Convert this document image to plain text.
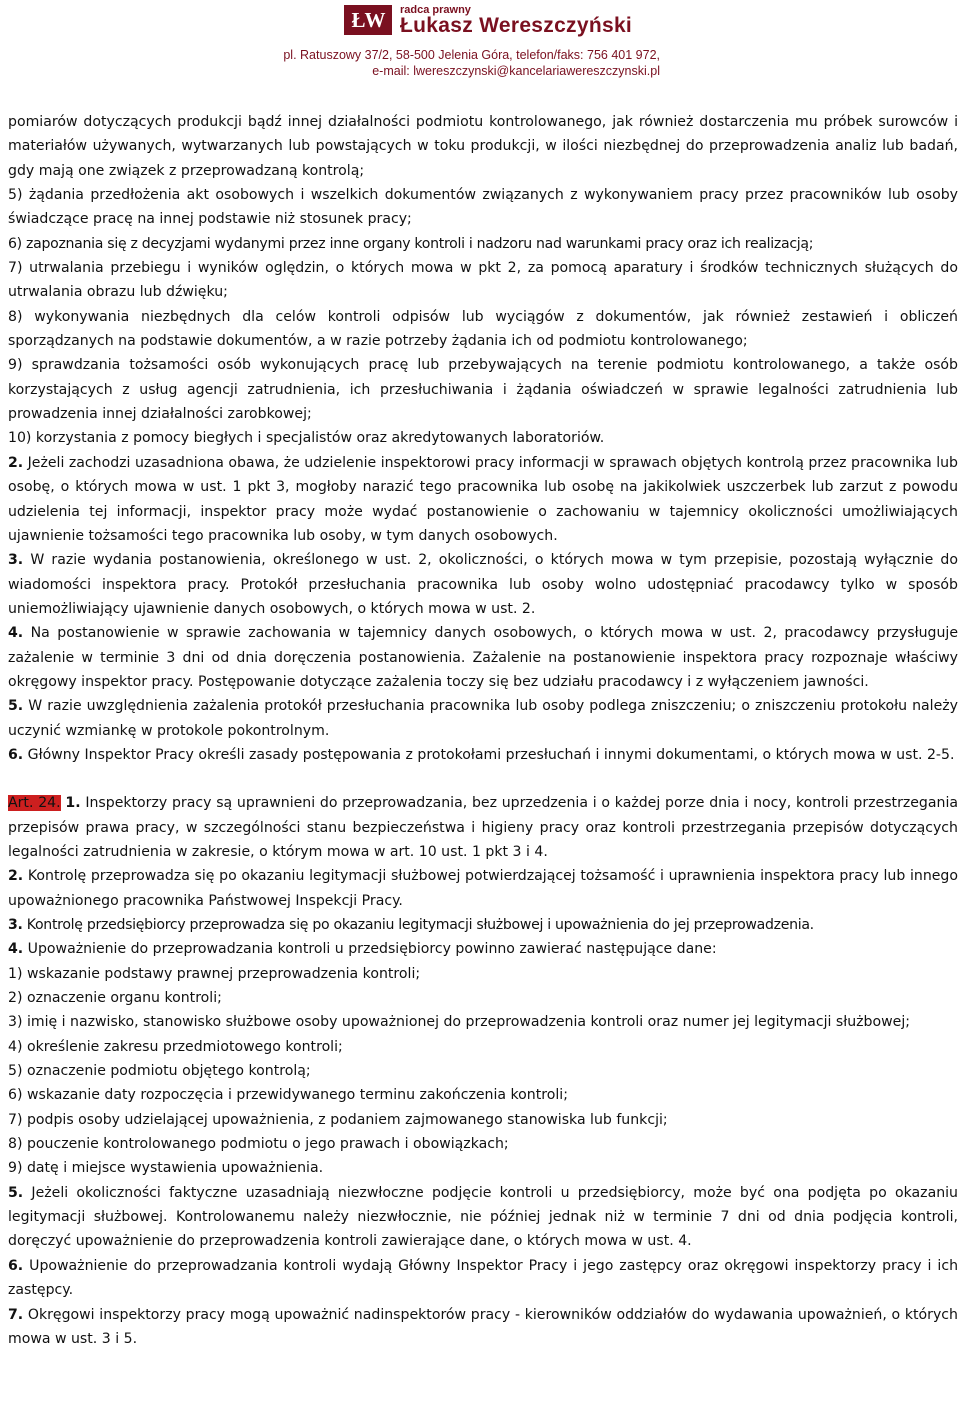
ŁW	radca prawny
Łukasz Wereszczyński
pl. Ratuszowy 37/2, 58-500 Jelenia Góra, telefon/faks: 756 401 972,
e-mail: lwereszczynski@kancelariawereszczynski.pl

pomiarów dotyczących produkcji bądź innej działalności podmiotu kontrolowanego, jak również dostarczenia mu próbek surowców i materiałów używanych, wytwarzanych lub powstających w toku produkcji, w ilości niezbędnej do przeprowadzenia analiz lub badań, gdy mają one związek z przeprowadzaną kontrolą;

5) żądania przedłożenia akt osobowych i wszelkich dokumentów związanych z wykonywaniem pracy przez pracowników lub osoby świadczące pracę na innej podstawie niż stosunek pracy;

6) zapoznania się z decyzjami wydanymi przez inne organy kontroli i nadzoru nad warunkami pracy oraz ich realizacją;

7) utrwalania przebiegu i wyników oględzin, o których mowa w pkt 2, za pomocą aparatury i środków technicznych służących do utrwalania obrazu lub dźwięku;

8) wykonywania niezbędnych dla celów kontroli odpisów lub wyciągów z dokumentów, jak również zestawień i obliczeń sporządzanych na podstawie dokumentów, a w razie potrzeby żądania ich od podmiotu kontrolowanego;

9) sprawdzania tożsamości osób wykonujących pracę lub przebywających na terenie podmiotu kontrolowanego, a także osób korzystających z usług agencji zatrudnienia, ich przesłuchiwania i żądania oświadczeń w sprawie legalności zatrudnienia lub prowadzenia innej działalności zarobkowej;

10) korzystania z pomocy biegłych i specjalistów oraz akredytowanych laboratoriów.

2. Jeżeli zachodzi uzasadniona obawa, że udzielenie inspektorowi pracy informacji w sprawach objętych kontrolą przez pracownika lub osobę, o których mowa w ust. 1 pkt 3, mogłoby narazić tego pracownika lub osobę na jakikolwiek uszczerbek lub zarzut z powodu udzielenia tej informacji, inspektor pracy może wydać postanowienie o zachowaniu w tajemnicy okoliczności umożliwiających ujawnienie tożsamości tego pracownika lub osoby, w tym danych osobowych.

3. W razie wydania postanowienia, określonego w ust. 2, okoliczności, o których mowa w tym przepisie, pozostają wyłącznie do wiadomości inspektora pracy. Protokół przesłuchania pracownika lub osoby wolno udostępniać pracodawcy tylko w sposób uniemożliwiający ujawnienie danych osobowych, o których mowa w ust. 2.

4. Na postanowienie w sprawie zachowania w tajemnicy danych osobowych, o których mowa w ust. 2, pracodawcy przysługuje zażalenie w terminie 3 dni od dnia doręczenia postanowienia. Zażalenie na postanowienie inspektora pracy rozpoznaje właściwy okręgowy inspektor pracy. Postępowanie dotyczące zażalenia toczy się bez udziału pracodawcy i z wyłączeniem jawności.

5. W razie uwzględnienia zażalenia protokół przesłuchania pracownika lub osoby podlega zniszczeniu; o zniszczeniu protokołu należy uczynić wzmiankę w protokole pokontrolnym.

6. Główny Inspektor Pracy określi zasady postępowania z protokołami przesłuchań i innymi dokumentami, o których mowa w ust. 2-5.

Art. 24. 1. Inspektorzy pracy są uprawnieni do przeprowadzania, bez uprzedzenia i o każdej porze dnia i nocy, kontroli przestrzegania przepisów prawa pracy, w szczególności stanu bezpieczeństwa i higieny pracy oraz kontroli przestrzegania przepisów dotyczących legalności zatrudnienia w zakresie, o którym mowa w art. 10 ust. 1 pkt 3 i 4.

2. Kontrolę przeprowadza się po okazaniu legitymacji służbowej potwierdzającej tożsamość i uprawnienia inspektora pracy lub innego upoważnionego pracownika Państwowej Inspekcji Pracy.

3. Kontrolę przedsiębiorcy przeprowadza się po okazaniu legitymacji służbowej i upoważnienia do jej przeprowadzenia.

4. Upoważnienie do przeprowadzania kontroli u przedsiębiorcy powinno zawierać następujące dane:

1) wskazanie podstawy prawnej przeprowadzenia kontroli;

2) oznaczenie organu kontroli;

3) imię i nazwisko, stanowisko służbowe osoby upoważnionej do przeprowadzenia kontroli oraz numer jej legitymacji służbowej;

4) określenie zakresu przedmiotowego kontroli;

5) oznaczenie podmiotu objętego kontrolą;

6) wskazanie daty rozpoczęcia i przewidywanego terminu zakończenia kontroli;

7) podpis osoby udzielającej upoważnienia, z podaniem zajmowanego stanowiska lub funkcji;

8) pouczenie kontrolowanego podmiotu o jego prawach i obowiązkach;

9) datę i miejsce wystawienia upoważnienia.

5. Jeżeli okoliczności faktyczne uzasadniają niezwłoczne podjęcie kontroli u przedsiębiorcy, może być ona podjęta po okazaniu legitymacji służbowej. Kontrolowanemu należy niezwłocznie, nie później jednak niż w terminie 7 dni od dnia podjęcia kontroli, doręczyć upoważnienie do przeprowadzenia kontroli zawierające dane, o których mowa w ust. 4.

6. Upoważnienie do przeprowadzania kontroli wydają Główny Inspektor Pracy i jego zastępcy oraz okręgowi inspektorzy pracy i ich zastępcy.

7. Okręgowi inspektorzy pracy mogą upoważnić nadinspektorów pracy - kierowników oddziałów do wydawania upoważnień, o których mowa w ust. 3 i 5.
